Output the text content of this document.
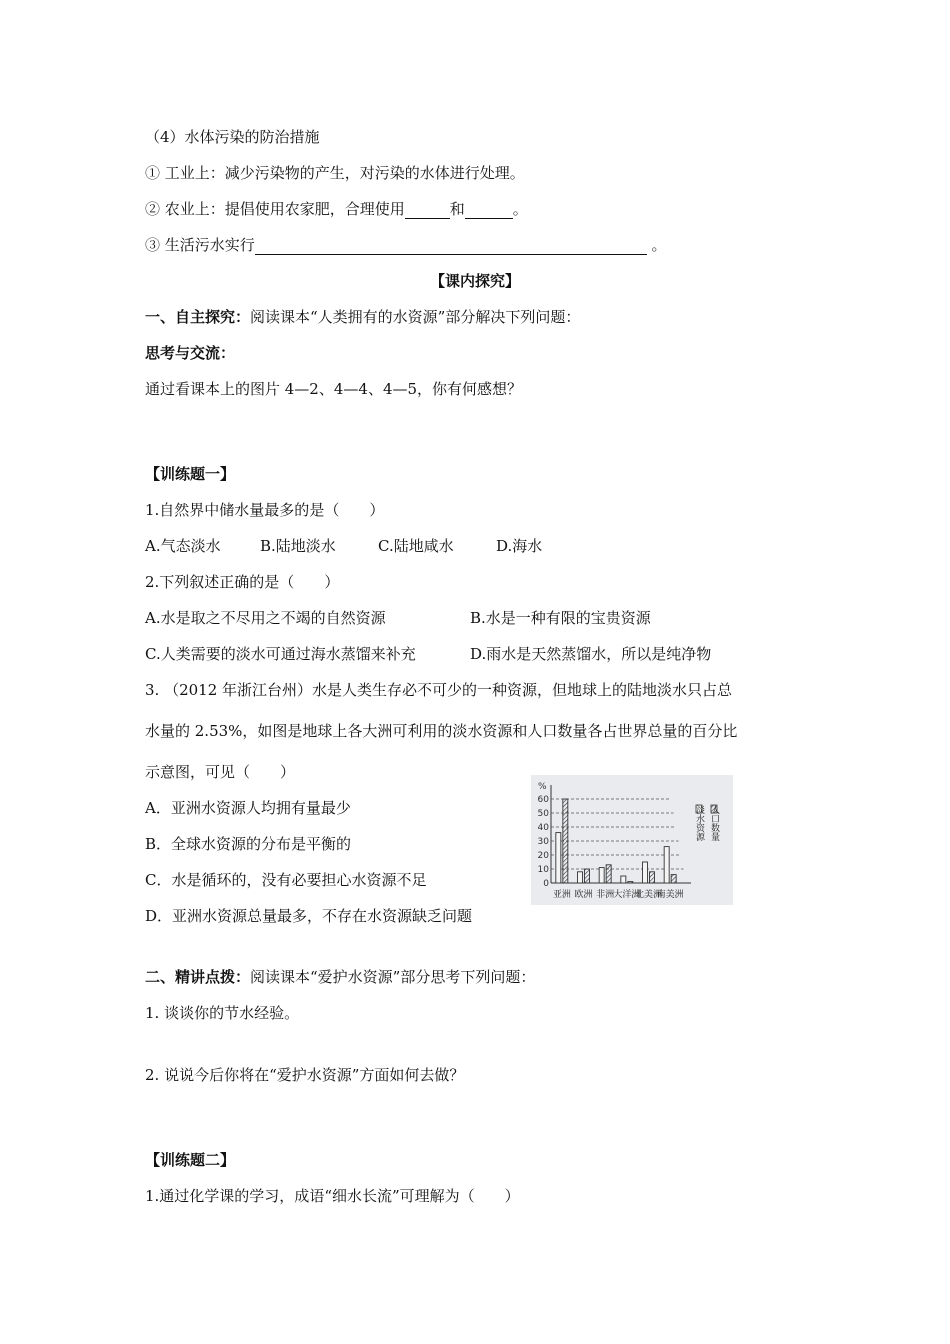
（4）水体污染的防治措施
① 工业上：减少污染物的产生，对污染的水体进行处理。
② 农业上：提倡使用农家肥，合理使用	和	。
③ 生活污水实行	。
【课内探究】
一、自主探究：阅读课本“人类拥有的水资源”部分解决下列问题：
思考与交流：
通过看课本上的图片 4—2、4—4、4—5，你有何感想？
【训练题一】
1.自然界中储水量最多的是（　　）
A.气态淡水	B.陆地淡水	C.陆地咸水	D.海水
2.下列叙述正确的是（　　）
A.水是取之不尽用之不竭的自然资源	B.水是一种有限的宝贵资源
C.人类需要的淡水可通过海水蒸馏来补充	D.雨水是天然蒸馏水，所以是纯净物
3. （2012 年浙江台州）水是人类生存必不可少的一种资源，但地球上的陆地淡水只占总
水量的 2.53%，如图是地球上各大洲可利用的淡水资源和人口数量各占世界总量的百分比
示意图，可见（　　）
A．亚洲水资源人均拥有量最少
B．全球水资源的分布是平衡的
C．水是循环的，没有必要担心水资源不足
D．亚洲水资源总量最多，不存在水资源缺乏问题
%
60
50
40
30
20
10
0
亚洲 欧洲 非洲 大洋洲
北美洲
南美洲
淡水资源 人口数量
二、精讲点拨：阅读课本“爱护水资源”部分思考下列问题：
1. 谈谈你的节水经验。
2. 说说今后你将在“爱护水资源”方面如何去做？
【训练题二】
1.通过化学课的学习，成语“细水长流”可理解为（　　）
